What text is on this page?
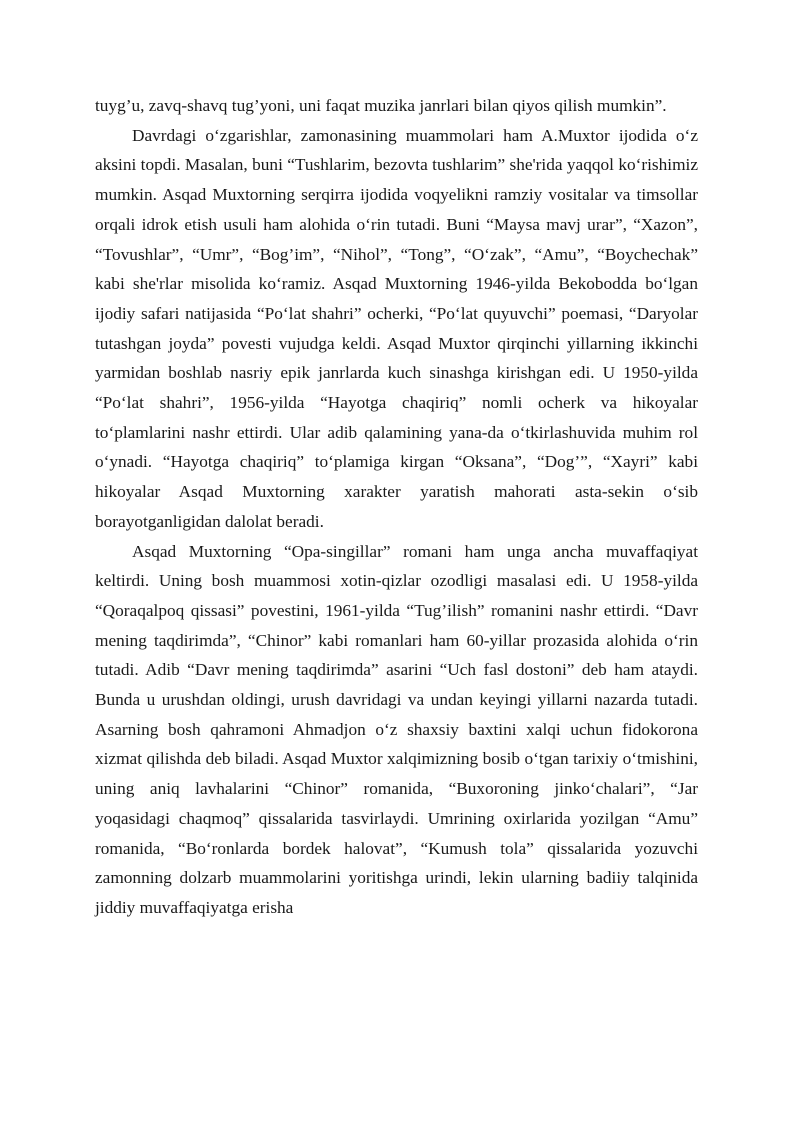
tuyg’u, zavq-shavq tug’yoni, uni faqat muzika janrlari bilan qiyos qilish mumkin”.

Davrdagi o‘zgarishlar, zamonasining muammolari ham A.Muxtor ijodida o‘z aksini topdi. Masalan, buni “Tushlarim, bezovta tushlarim” she'rida yaqqol ko‘rishimiz mumkin. Asqad Muxtorning serqirra ijodida voqyelikni ramziy vositalar va timsollar orqali idrok etish usuli ham alohida o‘rin tutadi. Buni “Maysa mavj urar”, “Xazon”, “Tovushlar”, “Umr”, “Bog’im”, “Nihol”, “Tong”, “O‘zak”, “Amu”, “Boychechak” kabi she'rlar misolida ko‘ramiz. Asqad Muxtorning 1946-yilda Bekobodda bo‘lgan ijodiy safari natijasida “Po‘lat shahri” ocherki, “Po‘lat quyuvchi” poemasi, “Daryolar tutashgan joyda” povesti vujudga keldi. Asqad Muxtor qirqinchi yillarning ikkinchi yarmidan boshlab nasriy epik janrlarda kuch sinashga kirishgan edi. U 1950-yilda “Po‘lat shahri”, 1956-yilda “Hayotga chaqiriq” nomli ocherk va hikoyalar to‘plamlarini nashr ettirdi. Ular adib qalamining yana-da o‘tkirlashuvida muhim rol o‘ynadi. “Hayotga chaqiriq” to‘plamiga kirgan “Oksana”, “Dog’”, “Xayri” kabi hikoyalar Asqad Muxtorning xarakter yaratish mahorati asta-sekin o‘sib borayotganligidan dalolat beradi.

Asqad Muxtorning “Opa-singillar” romani ham unga ancha muvaffaqiyat keltirdi. Uning bosh muammosi xotin-qizlar ozodligi masalasi edi. U 1958-yilda “Qoraqalpoq qissasi” povestini, 1961-yilda “Tug’ilish” romanini nashr ettirdi. “Davr mening taqdirimda”, “Chinor” kabi romanlari ham 60-yillar prozasida alohida o‘rin tutadi. Adib “Davr mening taqdirimda” asarini “Uch fasl dostoni” deb ham ataydi. Bunda u urushdan oldingi, urush davridagi va undan keyingi yillarni nazarda tutadi. Asarning bosh qahramoni Ahmadjon o‘z shaxsiy baxtini xalqi uchun fidokorona xizmat qilishda deb biladi. Asqad Muxtor xalqimizning bosib o‘tgan tarixiy o‘tmishini, uning aniq lavhalarini “Chinor” romanida, “Buxoroning jinko‘chalari”, “Jar yoqasidagi chaqmoq” qissalarida tasvirlaydi. Umrining oxirlarida yozilgan “Amu” romanida, “Bo‘ronlarda bordek halovat”, “Kumush tola” qissalarida yozuvchi zamonning dolzarb muammolarini yoritishga urindi, lekin ularning badiiy talqinida jiddiy muvaffaqiyatga erisha
